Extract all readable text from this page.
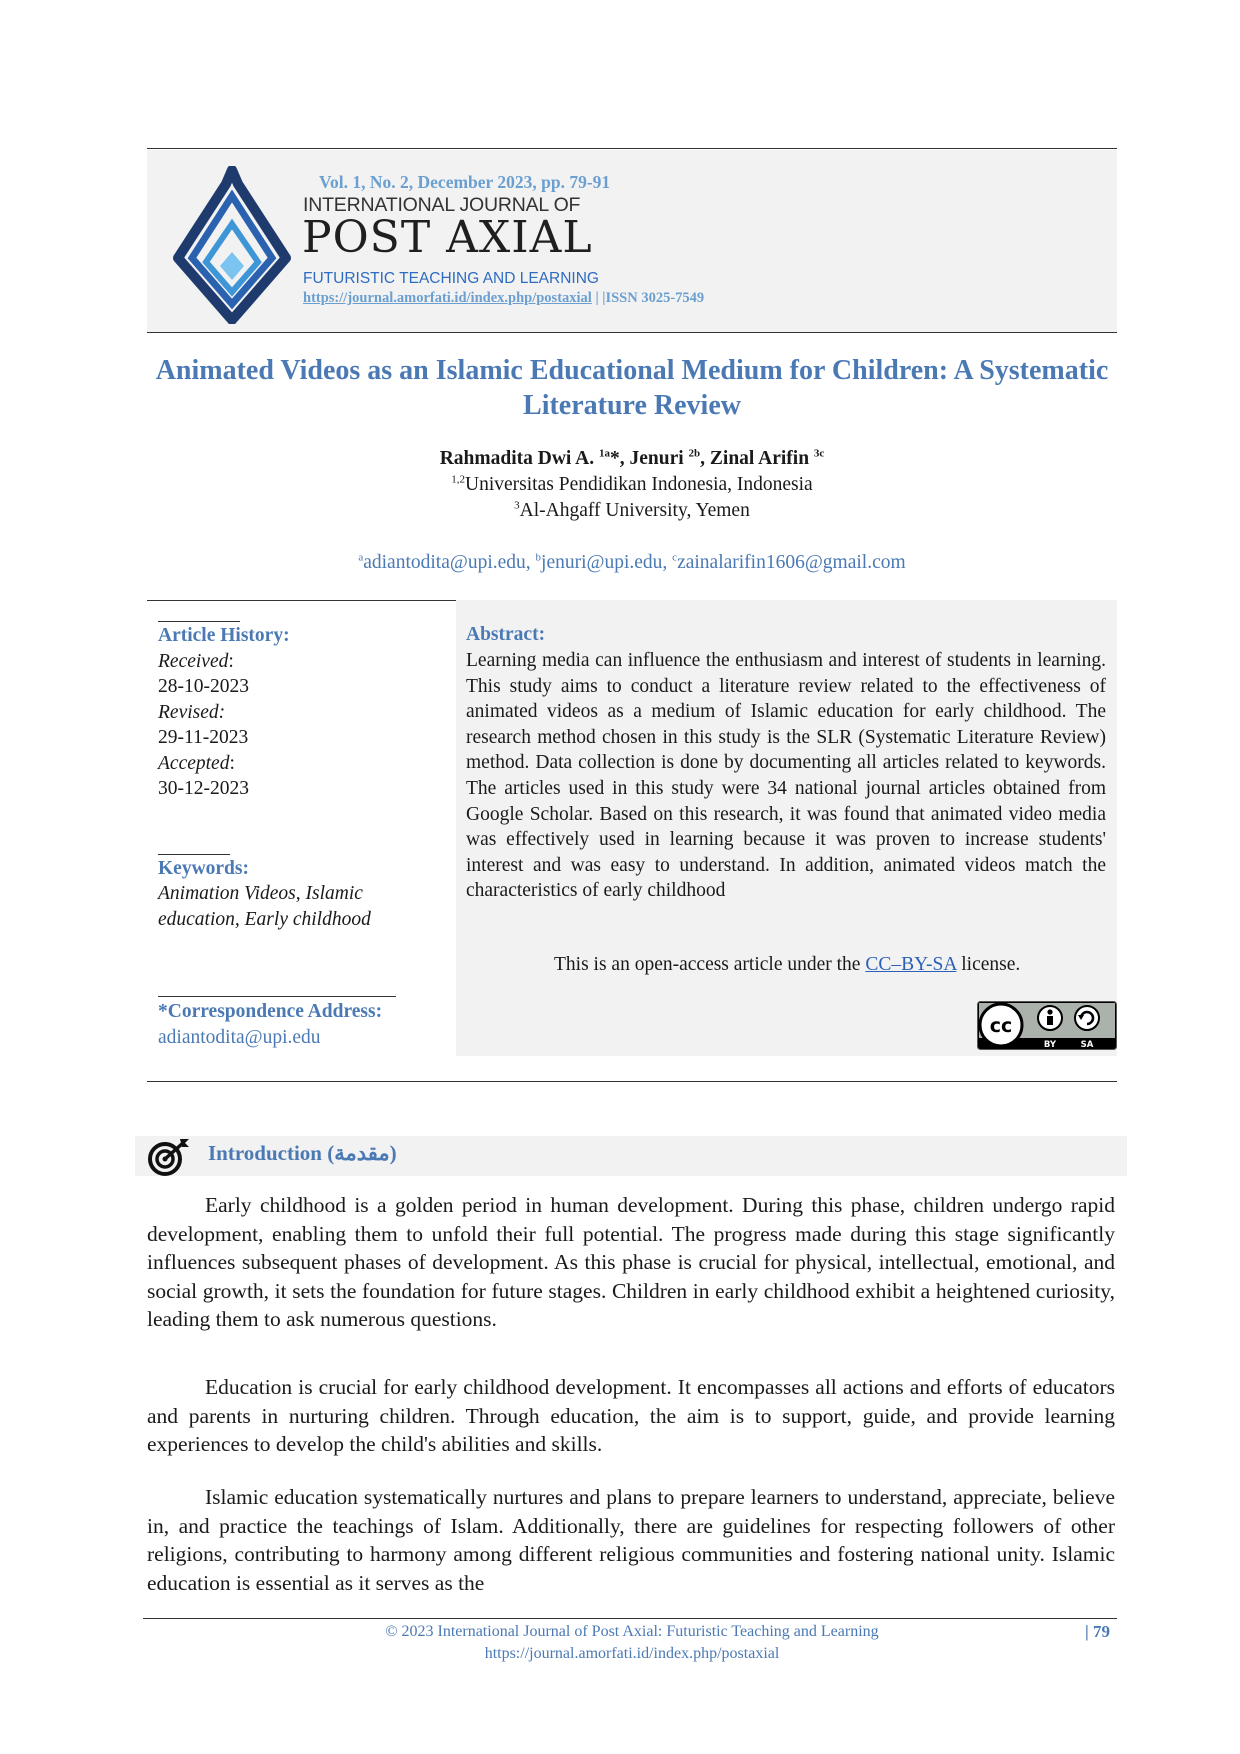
Vol. 1, No. 2, December 2023, pp. 79-91
INTERNATIONAL JOURNAL OF
POST AXIAL
FUTURISTIC TEACHING AND LEARNING
https://journal.amorfati.id/index.php/postaxial | |ISSN 3025-7549
Animated Videos as an Islamic Educational Medium for Children: A Systematic Literature Review
Rahmadita Dwi A. $^{1a}$*, Jenuri $^{2b}$, Zinal Arifin $^{3c}$
$^{1,2}$Universitas Pendidikan Indonesia, Indonesia
$^3$Al-Ahgaff University, Yemen
$^a$adiantodita@upi.edu, $^b$jenuri@upi.edu, $^c$zainalarifin1606@gmail.com
Article History:
Received:
28-10-2023
Revised:
29-11-2023
Accepted:
30-12-2023
Keywords:
Animation Videos, Islamic education, Early childhood
*Correspondence Address:
adiantodita@upi.edu
Abstract:
Learning media can influence the enthusiasm and interest of students in learning. This study aims to conduct a literature review related to the effectiveness of animated videos as a medium of Islamic education for early childhood. The research method chosen in this study is the SLR (Systematic Literature Review) method. Data collection is done by documenting all articles related to keywords. The articles used in this study were 34 national journal articles obtained from Google Scholar. Based on this research, it was found that animated video media was effectively used in learning because it was proven to increase students' interest and was easy to understand. In addition, animated videos match the characteristics of early childhood
This is an open-access article under the CC–BY-SA license.
cc
BY	SA
Introduction (مقدمة)
Early childhood is a golden period in human development. During this phase, children undergo rapid development, enabling them to unfold their full potential. The progress made during this stage significantly influences subsequent phases of development. As this phase is crucial for physical, intellectual, emotional, and social growth, it sets the foundation for future stages. Children in early childhood exhibit a heightened curiosity, leading them to ask numerous questions.
Education is crucial for early childhood development. It encompasses all actions and efforts of educators and parents in nurturing children. Through education, the aim is to support, guide, and provide learning experiences to develop the child's abilities and skills.
Islamic education systematically nurtures and plans to prepare learners to understand, appreciate, believe in, and practice the teachings of Islam. Additionally, there are guidelines for respecting followers of other religions, contributing to harmony among different religious communities and fostering national unity. Islamic education is essential as it serves as the
© 2023 International Journal of Post Axial: Futuristic Teaching and Learning
https://journal.amorfati.id/index.php/postaxial
| 79
